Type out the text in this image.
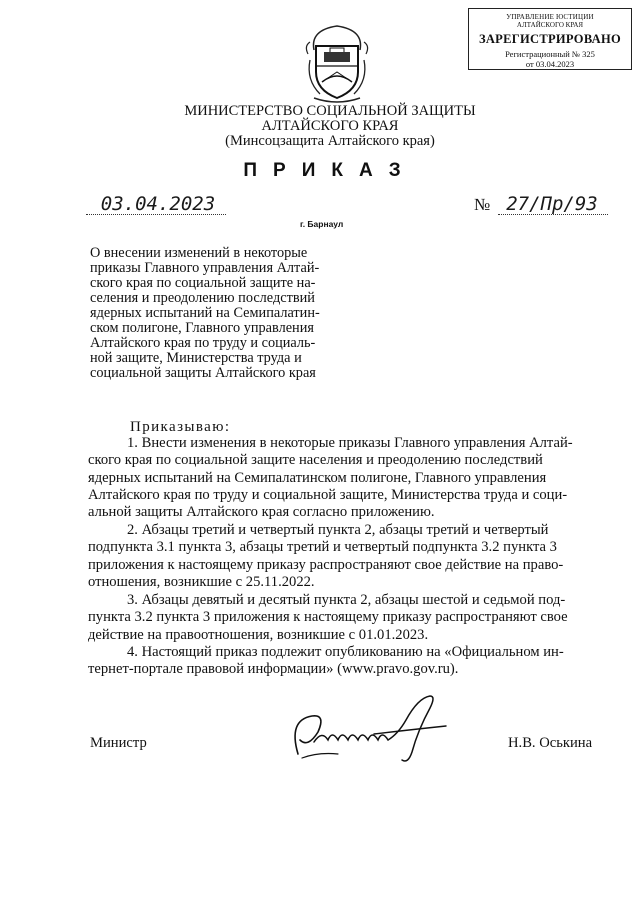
УПРАВЛЕНИЕ ЮСТИЦИИ
АЛТАЙСКОГО КРАЯ
ЗАРЕГИСТРИРОВАНО
Регистрационный № 325
от 03.04.2023
МИНИСТЕРСТВО СОЦИАЛЬНОЙ ЗАЩИТЫ
АЛТАЙСКОГО КРАЯ
(Минсоцзащита Алтайского края)
ПРИКАЗ
03.04.2023	№ 27/Пр/93
г. Барнаул
О внесении изменений в некоторые
приказы Главного управления Алтай-
ского края по социальной защите на-
селения и преодолению последствий
ядерных испытаний на Семипалатин-
ском полигоне, Главного управления
Алтайского края по труду и социаль-
ной защите, Министерства труда и
социальной защиты Алтайского края
Приказываю:
1. Внести изменения в некоторые приказы Главного управления Алтай-
ского края по социальной защите населения и преодолению последствий
ядерных испытаний на Семипалатинском полигоне, Главного управления
Алтайского края по труду и социальной защите, Министерства труда и соци-
альной защиты Алтайского края согласно приложению.
2. Абзацы третий и четвертый пункта 2, абзацы третий и четвертый
подпункта 3.1 пункта 3, абзацы третий и четвертый подпункта 3.2 пункта 3
приложения к настоящему приказу распространяют свое действие на право-
отношения, возникшие с 25.11.2022.
3. Абзацы девятый и десятый пункта 2, абзацы шестой и седьмой под-
пункта 3.2 пункта 3 приложения к настоящему приказу распространяют свое
действие на правоотношения, возникшие с 01.01.2023.
4. Настоящий приказ подлежит опубликованию на «Официальном ин-
тернет-портале правовой информации» (www.pravo.gov.ru).
Министр	Н.В. Оськина
